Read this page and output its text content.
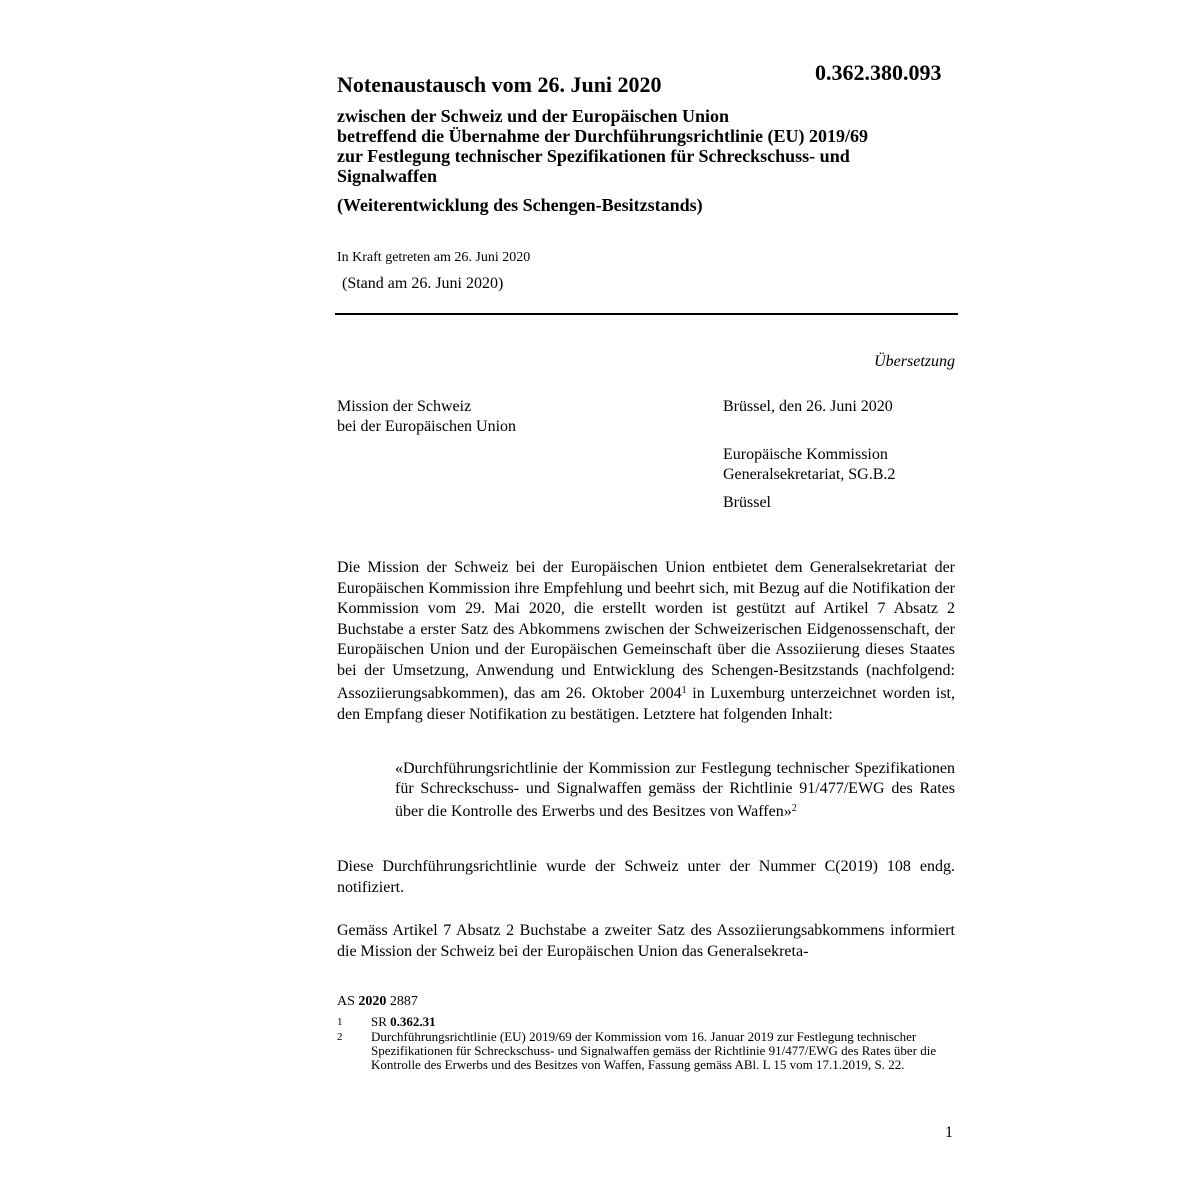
0.362.380.093
Notenaustausch vom 26. Juni 2020
zwischen der Schweiz und der Europäischen Union
betreffend die Übernahme der Durchführungsrichtlinie (EU) 2019/69
zur Festlegung technischer Spezifikationen für Schreckschuss- und
Signalwaffen
(Weiterentwicklung des Schengen-Besitzstands)
In Kraft getreten am 26. Juni 2020
(Stand am 26. Juni 2020)
Übersetzung
Mission der Schweiz
bei der Europäischen Union
Brüssel, den 26. Juni 2020
Europäische Kommission
Generalsekretariat, SG.B.2
Brüssel
Die Mission der Schweiz bei der Europäischen Union entbietet dem Generalsekretariat der Europäischen Kommission ihre Empfehlung und beehrt sich, mit Bezug auf die Notifikation der Kommission vom 29. Mai 2020, die erstellt worden ist gestützt auf Artikel 7 Absatz 2 Buchstabe a erster Satz des Abkommens zwischen der Schweizerischen Eidgenossenschaft, der Europäischen Union und der Europäischen Gemeinschaft über die Assoziierung dieses Staates bei der Umsetzung, Anwendung und Entwicklung des Schengen-Besitzstands (nachfolgend: Assoziierungsabkommen), das am 26. Oktober 2004$^1$ in Luxemburg unterzeichnet worden ist, den Empfang dieser Notifikation zu bestätigen. Letztere hat folgenden Inhalt:
«Durchführungsrichtlinie der Kommission zur Festlegung technischer Spezifikationen für Schreckschuss- und Signalwaffen gemäss der Richtlinie 91/477/EWG des Rates über die Kontrolle des Erwerbs und des Besitzes von Waffen»$^2$
Diese Durchführungsrichtlinie wurde der Schweiz unter der Nummer C(2019) 108 endg. notifiziert.
Gemäss Artikel 7 Absatz 2 Buchstabe a zweiter Satz des Assoziierungsabkommens informiert die Mission der Schweiz bei der Europäischen Union das Generalsekreta-
AS 2020 2887
1 SR 0.362.31
2 Durchführungsrichtlinie (EU) 2019/69 der Kommission vom 16. Januar 2019 zur Festlegung technischer Spezifikationen für Schreckschuss- und Signalwaffen gemäss der Richtlinie 91/477/EWG des Rates über die Kontrolle des Erwerbs und des Besitzes von Waffen, Fassung gemäss ABl. L 15 vom 17.1.2019, S. 22.
1
